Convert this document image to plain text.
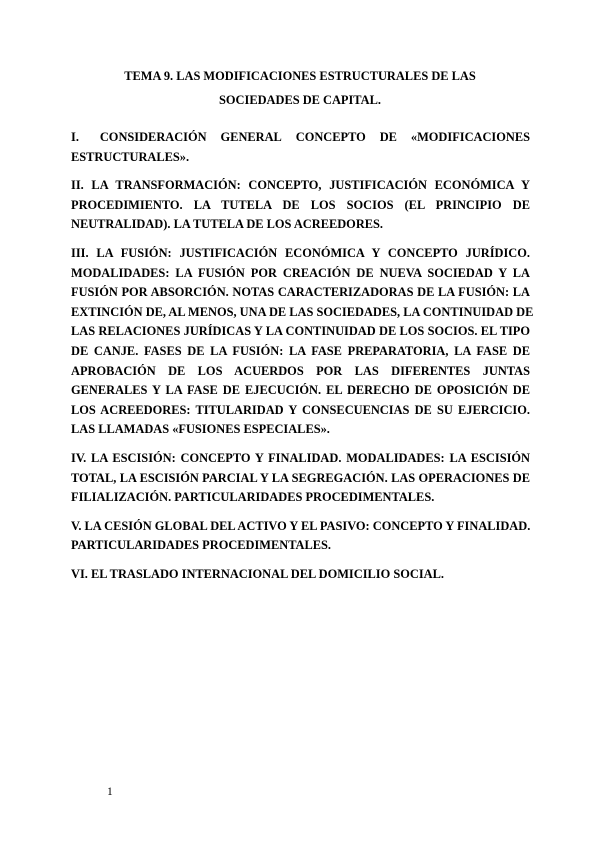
TEMA 9. LAS MODIFICACIONES ESTRUCTURALES DE LAS
SOCIEDADES DE CAPITAL.
I.      CONSIDERACIÓN    GENERAL    CONCEPTO    DE    «MODIFICACIONES
ESTRUCTURALES».
II. LA TRANSFORMACIÓN: CONCEPTO, JUSTIFICACIÓN ECONÓMICA Y
PROCEDIMIENTO. LA TUTELA DE LOS SOCIOS (EL PRINCIPIO DE
NEUTRALIDAD). LA TUTELA DE LOS ACREEDORES.
III. LA FUSIÓN: JUSTIFICACIÓN ECONÓMICA Y CONCEPTO JURÍDICO.
MODALIDADES: LA FUSIÓN POR CREACIÓN DE NUEVA SOCIEDAD Y LA
FUSIÓN POR ABSORCIÓN. NOTAS CARACTERIZADORAS DE LA FUSIÓN: LA
EXTINCIÓN DE, AL MENOS, UNA DE LAS SOCIEDADES, LA CONTINUIDAD DE
LAS RELACIONES JURÍDICAS Y LA CONTINUIDAD DE LOS SOCIOS. EL TIPO
DE CANJE. FASES DE LA FUSIÓN: LA FASE PREPARATORIA, LA FASE DE
APROBACIÓN DE LOS ACUERDOS POR LAS DIFERENTES JUNTAS
GENERALES Y LA FASE DE EJECUCIÓN. EL DERECHO DE OPOSICIÓN DE
LOS ACREEDORES: TITULARIDAD Y CONSECUENCIAS DE SU EJERCICIO.
LAS LLAMADAS «FUSIONES ESPECIALES».
IV. LA ESCISIÓN: CONCEPTO Y FINALIDAD. MODALIDADES: LA ESCISIÓN
TOTAL, LA ESCISIÓN PARCIAL Y LA SEGREGACIÓN. LAS OPERACIONES DE
FILIALIZACIÓN. PARTICULARIDADES PROCEDIMENTALES.
V. LA CESIÓN GLOBAL DEL ACTIVO Y EL PASIVO: CONCEPTO Y FINALIDAD.
PARTICULARIDADES PROCEDIMENTALES.
VI. EL TRASLADO INTERNACIONAL DEL DOMICILIO SOCIAL.
1
